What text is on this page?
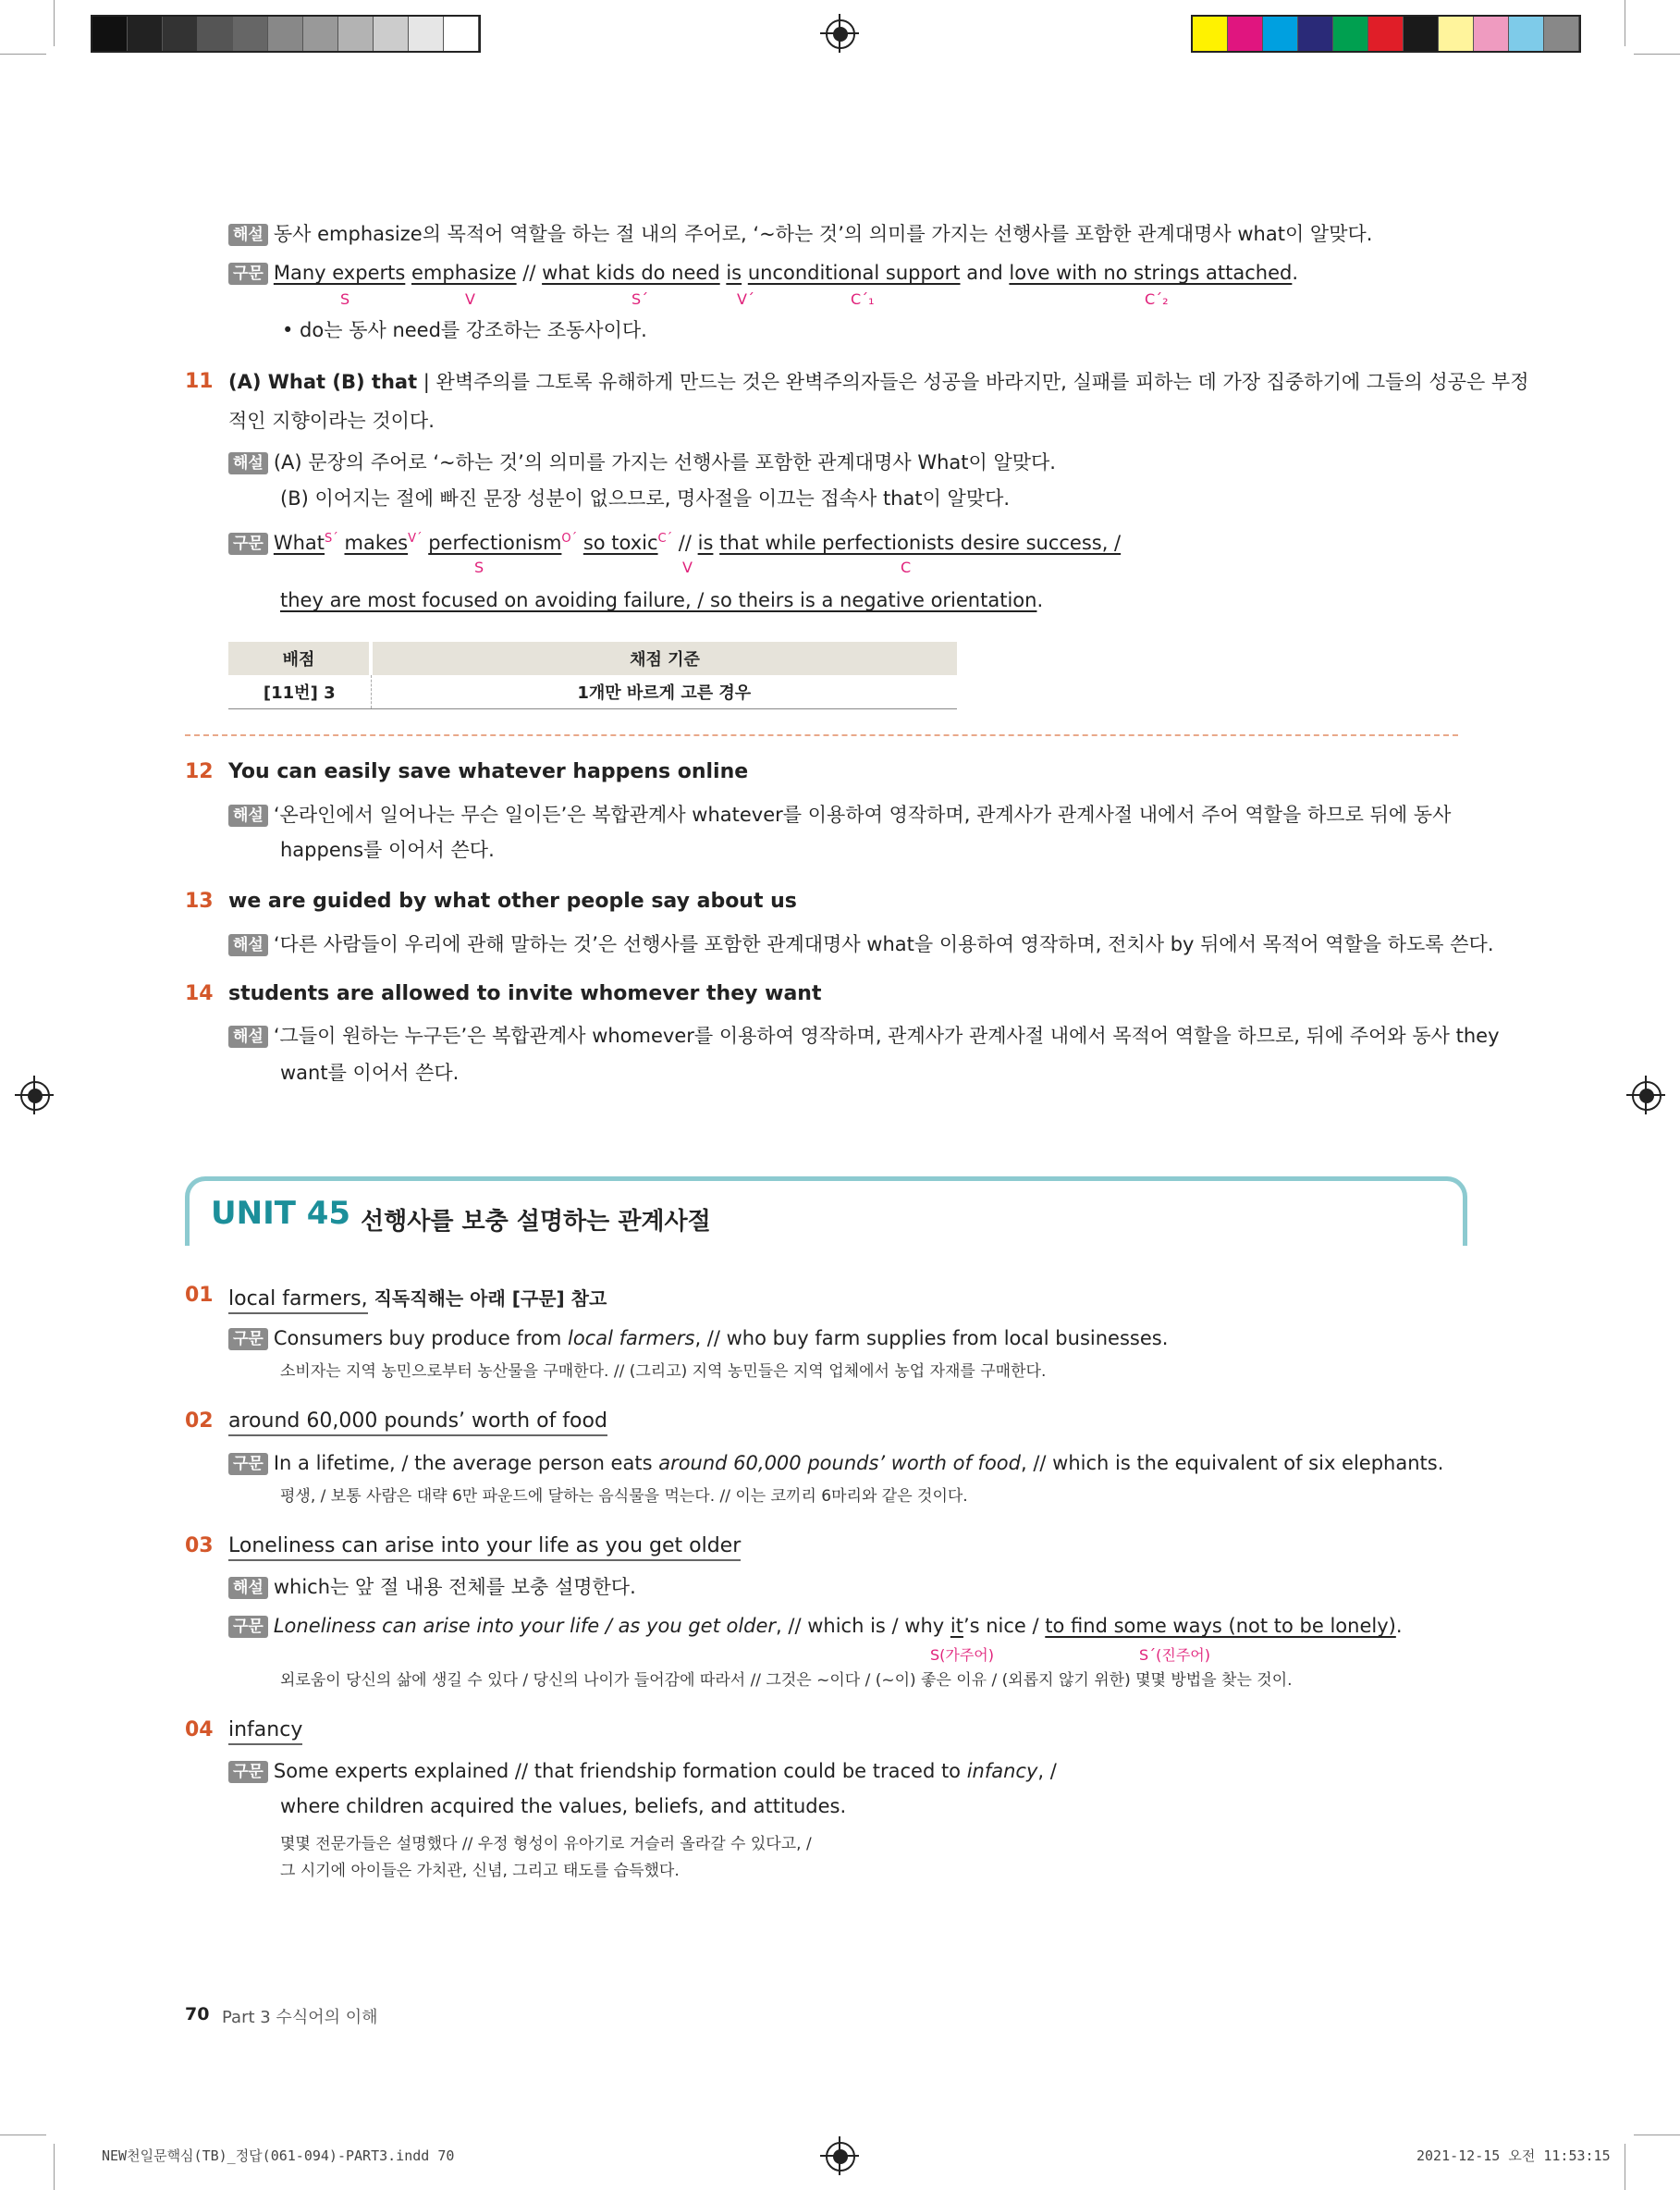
해설 동사 emphasize의 목적어 역할을 하는 절 내의 주어로, ‘~하는 것’의 의미를 가지는 선행사를 포함한 관계대명사 what이 알맞다.
구문 Many experts emphasize // what kids do need is unconditional support and love with no strings attached.
S	V	S´	V´	C´₁	C´₂
• do는 동사 need를 강조하는 조동사이다.
11 (A) What (B) that | 완벽주의를 그토록 유해하게 만드는 것은 완벽주의자들은 성공을 바라지만, 실패를 피하는 데 가장 집중하기에 그들의 성공은 부정
적인 지향이라는 것이다.
해설 (A) 문장의 주어로 ‘~하는 것’의 의미를 가지는 선행사를 포함한 관계대명사 What이 알맞다.
(B) 이어지는 절에 빠진 문장 성분이 없으므로, 명사절을 이끄는 접속사 that이 알맞다.
구문 What$^{S´}$ makes$^{V´}$ perfectionism$^{O´}$ so toxic$^{C´}$ // is that while perfectionists desire success, /
S	V	C
they are most focused on avoiding failure, / so theirs is a negative orientation.
배점	채점 기준
[11번] 3	1개만 바르게 고른 경우
12 You can easily save whatever happens online
해설 ‘온라인에서 일어나는 무슨 일이든’은 복합관계사 whatever를 이용하여 영작하며, 관계사가 관계사절 내에서 주어 역할을 하므로 뒤에 동사
happens를 이어서 쓴다.
13 we are guided by what other people say about us
해설 ‘다른 사람들이 우리에 관해 말하는 것’은 선행사를 포함한 관계대명사 what을 이용하여 영작하며, 전치사 by 뒤에서 목적어 역할을 하도록 쓴다.
14 students are allowed to invite whomever they want
해설 ‘그들이 원하는 누구든’은 복합관계사 whomever를 이용하여 영작하며, 관계사가 관계사절 내에서 목적어 역할을 하므로, 뒤에 주어와 동사 they
want를 이어서 쓴다.
UNIT 45 선행사를 보충 설명하는 관계사절
01 local farmers, 직독직해는 아래 [구문] 참고
구문 Consumers buy produce from local farmers, // who buy farm supplies from local businesses.
소비자는 지역 농민으로부터 농산물을 구매한다. // (그리고) 지역 농민들은 지역 업체에서 농업 자재를 구매한다.
02 around 60,000 pounds’ worth of food
구문 In a lifetime, / the average person eats around 60,000 pounds’ worth of food, // which is the equivalent of six elephants.
평생, / 보통 사람은 대략 6만 파운드에 달하는 음식물을 먹는다. // 이는 코끼리 6마리와 같은 것이다.
03 Loneliness can arise into your life as you get older
해설 which는 앞 절 내용 전체를 보충 설명한다.
구문 Loneliness can arise into your life / as you get older, // which is / why it’s nice / to find some ways (not to be lonely).
S(가주어)	S´(진주어)
외로움이 당신의 삶에 생길 수 있다 / 당신의 나이가 들어감에 따라서 // 그것은 ~이다 / (~이) 좋은 이유 / (외롭지 않기 위한) 몇몇 방법을 찾는 것이.
04 infancy
구문 Some experts explained // that friendship formation could be traced to infancy, /
where children acquired the values, beliefs, and attitudes.
몇몇 전문가들은 설명했다 // 우정 형성이 유아기로 거슬러 올라갈 수 있다고, /
그 시기에 아이들은 가치관, 신념, 그리고 태도를 습득했다.
70 Part 3 수식어의 이해
NEW천일문핵심(TB)_정답(061-094)-PART3.indd 70	2021-12-15 오전 11:53:15
